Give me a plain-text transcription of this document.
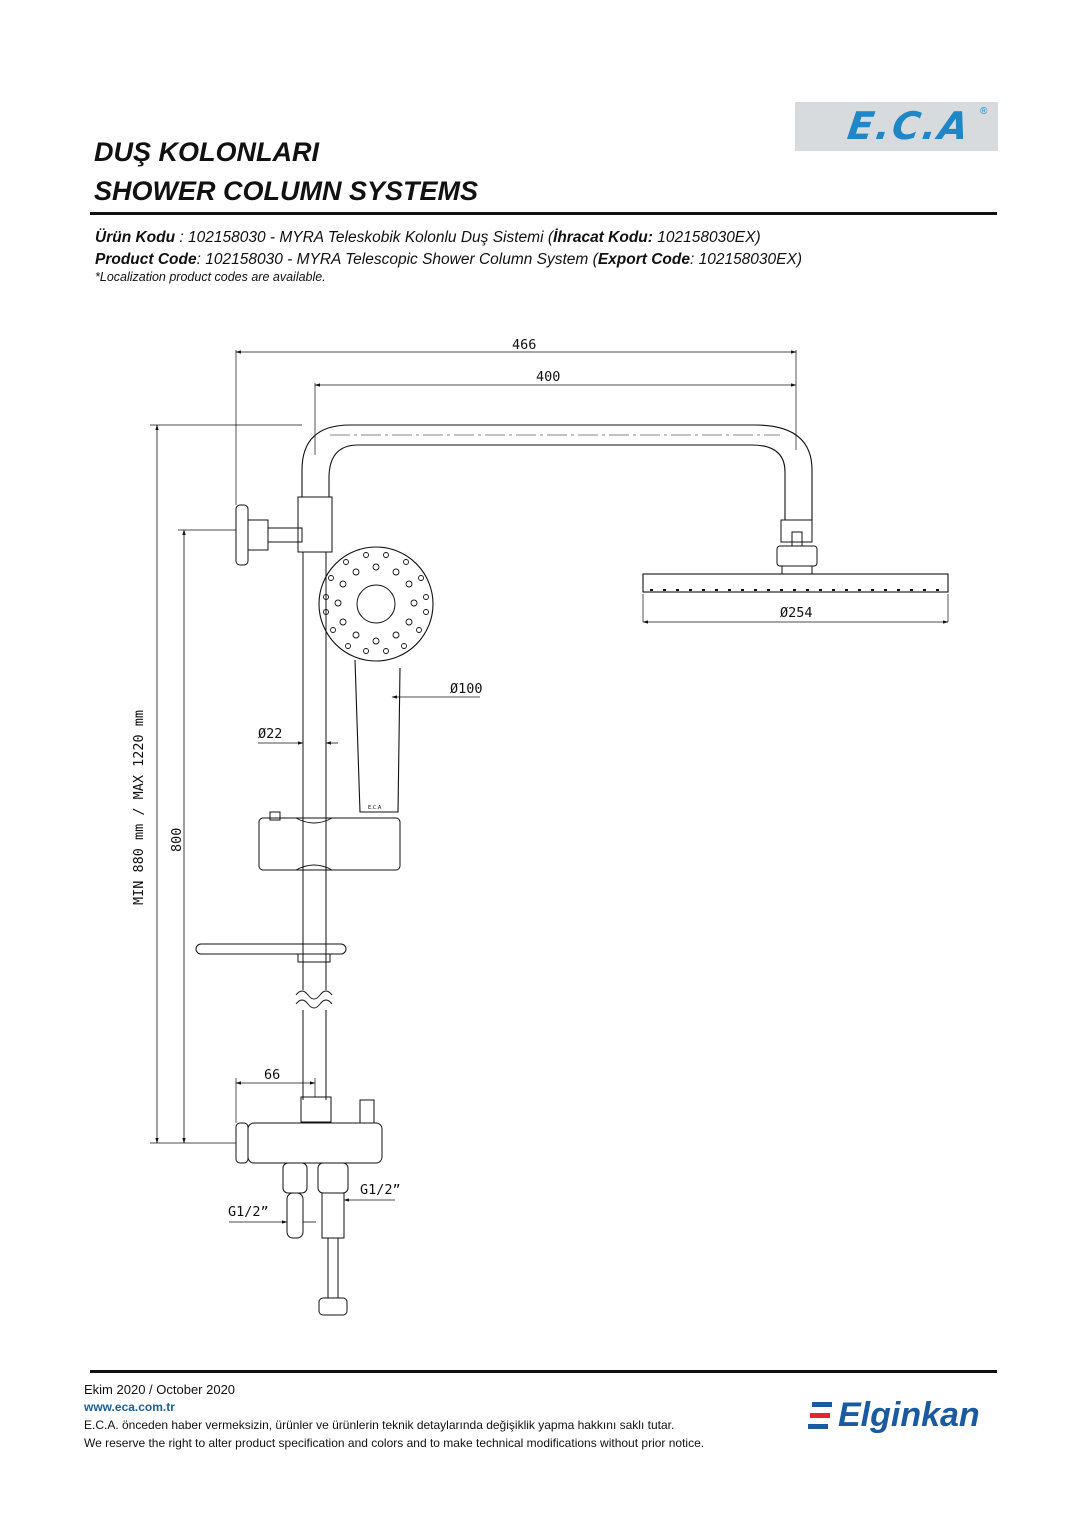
E.C.A ®
DUŞ KOLONLARI
SHOWER COLUMN SYSTEMS
Ürün Kodu : 102158030 - MYRA Teleskobik Kolonlu Duş Sistemi (İhracat Kodu: 102158030EX)
Product Code: 102158030 - MYRA Telescopic Shower Column System (Export Code: 102158030EX)
*Localization product codes are available.
466
400
Ø254
Ø100
Ø22
MIN 880 mm / MAX 1220 mm 800
66
G1/2”
G1/2”
E.C.A
Ekim 2020 / October 2020
www.eca.com.tr
E.C.A. önceden haber vermeksizin, ürünler ve ürünlerin teknik detaylarında değişiklik yapma hakkını saklı tutar.
We reserve the right to alter product specification and colors and to make technical modifications without prior notice.
Elginkan
